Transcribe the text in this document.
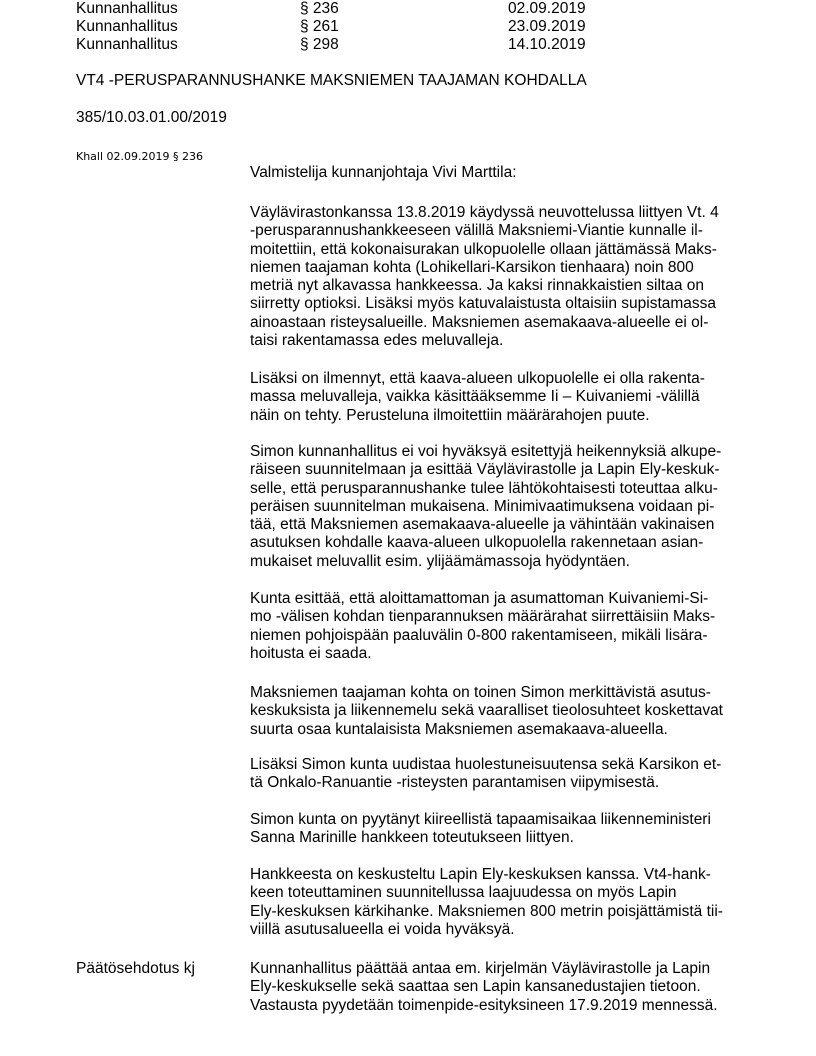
Kunnanhallitus	§ 236	02.09.2019
Kunnanhallitus	§ 261	23.09.2019
Kunnanhallitus	§ 298	14.10.2019
VT4 -PERUSPARANNUSHANKE MAKSNIEMEN TAAJAMAN KOHDALLA
385/10.03.01.00/2019
Khall 02.09.2019 § 236
Valmistelija kunnanjohtaja Vivi Marttila:
Väylävirastonkanssa 13.8.2019 käydyssä neuvottelussa liittyen Vt. 4
-perusparannushankkeeseen välillä Maksniemi-Viantie kunnalle il-
moitettiin, että kokonaisurakan ulkopuolelle ollaan jättämässä Maks-
niemen taajaman kohta (Lohikellari-Karsikon tienhaara) noin 800
metriä nyt alkavassa hankkeessa. Ja kaksi rinnakkaistien siltaa on
siirretty optioksi. Lisäksi myös katuvalaistusta oltaisiin supistamassa
ainoastaan risteysalueille. Maksniemen asemakaava-alueelle ei ol-
taisi rakentamassa edes meluvalleja.
Lisäksi on ilmennyt, että kaava-alueen ulkopuolelle ei olla rakenta-
massa meluvalleja, vaikka käsittääksemme Ii – Kuivaniemi -välillä
näin on tehty. Perusteluna ilmoitettiin määrärahojen puute.
Simon kunnanhallitus ei voi hyväksyä esitettyjä heikennyksiä alkupe-
räiseen suunnitelmaan ja esittää Väylävirastolle ja Lapin Ely-keskuk-
selle, että perusparannushanke tulee lähtökohtaisesti toteuttaa alku-
peräisen suunnitelman mukaisena. Minimivaatimuksena voidaan pi-
tää, että Maksniemen asemakaava-alueelle ja vähintään vakinaisen
asutuksen kohdalle kaava-alueen ulkopuolella rakennetaan asian-
mukaiset meluvallit esim. ylijäämämassoja hyödyntäen.
Kunta esittää, että aloittamattoman ja asumattoman Kuivaniemi-Si-
mo -välisen kohdan tienparannuksen määrärahat siirrettäisiin Maks-
niemen pohjoispään paaluvälin 0-800 rakentamiseen, mikäli lisära-
hoitusta ei saada.
Maksniemen taajaman kohta on toinen Simon merkittävistä asutus-
keskuksista ja liikennemelu sekä vaaralliset tieolosuhteet koskettavat
suurta osaa kuntalaisista Maksniemen asemakaava-alueella.
Lisäksi Simon kunta uudistaa huolestuneisuutensa sekä Karsikon et-
tä Onkalo-Ranuantie -risteysten parantamisen viipymisestä.
Simon kunta on pyytänyt kiireellistä tapaamisaikaa liikenneministeri
Sanna Marinille hankkeen toteutukseen liittyen.
Hankkeesta on keskusteltu Lapin Ely-keskuksen kanssa. Vt4-hank-
keen toteuttaminen suunnitellussa laajuudessa on myös Lapin
Ely-keskuksen kärkihanke. Maksniemen 800 metrin poisjättämistä tii-
viillä asutusalueella ei voida hyväksyä.
Päätösehdotus kj	Kunnanhallitus päättää antaa em. kirjelmän Väylävirastolle ja Lapin
Ely-keskukselle sekä saattaa sen Lapin kansanedustajien tietoon.
Vastausta pyydetään toimenpide-esityksineen 17.9.2019 mennessä.
